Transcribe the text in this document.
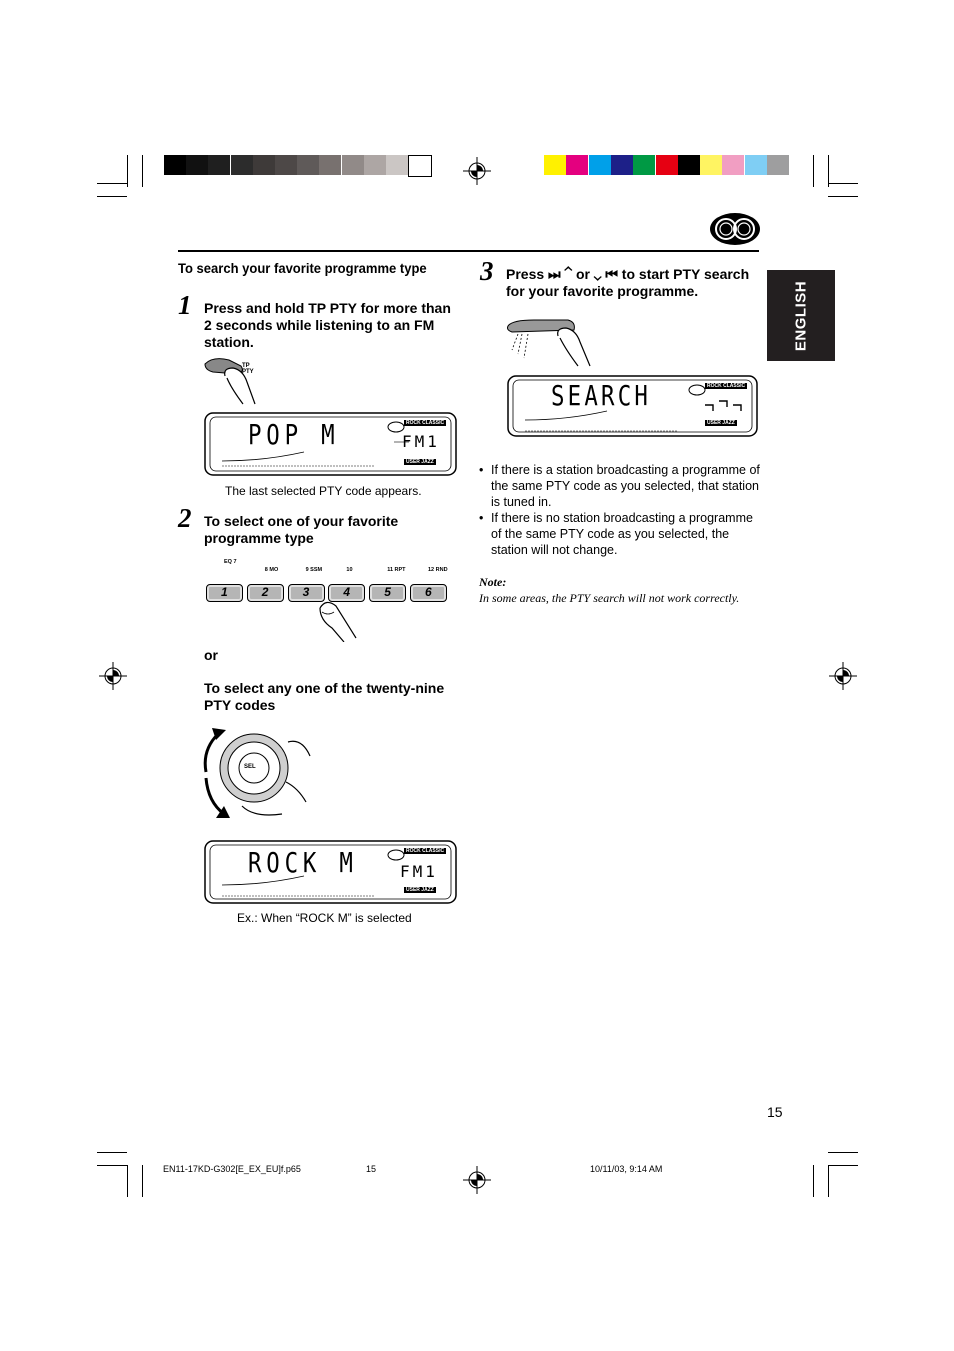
ENGLISH
To search your favorite programme type
1 Press and hold TP PTY for more than 2 seconds while listening to an FM station.
TP
PTY
POP M	FM1
ROCK CLASSIC
USER JAZZ
The last selected PTY code appears.
2 To select one of your favorite programme type
EQ 7
1
8 MO
2
9 SSM
3
10
4
11 RPT
5
12 RND
6
or
To select any one of the twenty-nine PTY codes
SEL
ROCK M	FM1
ROCK CLASSIC
USER JAZZ
Ex.: When “ROCK M” is selected
3 Press ⏭ ⌃ or ⌄ ⏮ to start PTY search for your favorite programme.
SEARCH	ROCK CLASSIC
USER JAZZ

• If there is a station broadcasting a programme of the same PTY code as you selected, that station is tuned in.

• If there is no station broadcasting a programme of the same PTY code as you selected, the station will not change.

Note:
In some areas, the PTY search will not work correctly.
15
EN11-17KD-G302[E_EX_EU]f.p65	15	10/11/03, 9:14 AM
